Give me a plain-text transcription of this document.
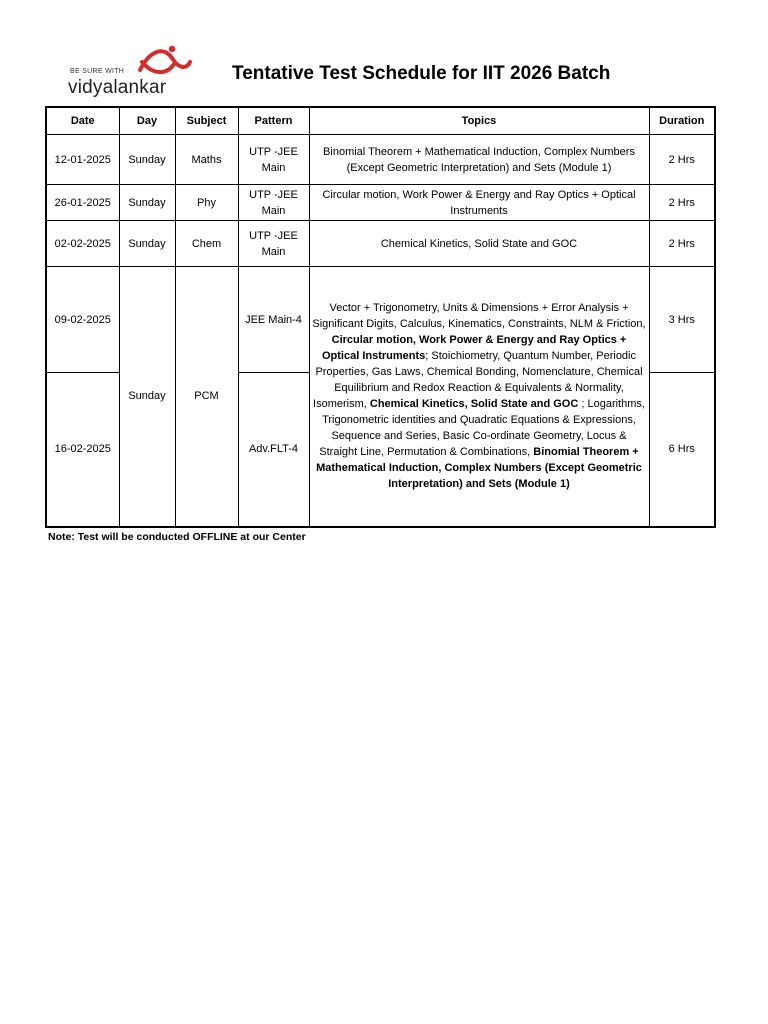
BE SURE WITH
vidyalankar
Tentative Test Schedule for IIT 2026 Batch
Date	Day	Subject	Pattern	Topics	Duration
12-01-2025	Sunday	Maths	UTP -JEE Main	Binomial Theorem + Mathematical Induction, Complex Numbers (Except Geometric Interpretation) and Sets (Module 1)	2 Hrs
26-01-2025	Sunday	Phy	UTP -JEE Main	Circular motion, Work Power & Energy and Ray Optics + Optical Instruments	2 Hrs
02-02-2025	Sunday	Chem	UTP -JEE Main	Chemical Kinetics, Solid State and GOC	2 Hrs
09-02-2025	Sunday	PCM	JEE Main-4	Vector + Trigonometry, Units & Dimensions + Error Analysis + Significant Digits, Calculus, Kinematics, Constraints, NLM & Friction, Circular motion, Work Power & Energy and Ray Optics + Optical Instruments; Stoichiometry, Quantum Number, Periodic Properties, Gas Laws, Chemical Bonding, Nomenclature, Chemical Equilibrium and Redox Reaction & Equivalents & Normality, Isomerism, Chemical Kinetics, Solid State and GOC ; Logarithms, Trigonometric identities and Quadratic Equations & Expressions, Sequence and Series, Basic Co-ordinate Geometry, Locus & Straight Line, Permutation & Combinations, Binomial Theorem + Mathematical Induction, Complex Numbers (Except Geometric Interpretation) and Sets (Module 1)	3 Hrs
16-02-2025			Adv.FLT-4		6 Hrs
Note: Test will be conducted OFFLINE at our Center
